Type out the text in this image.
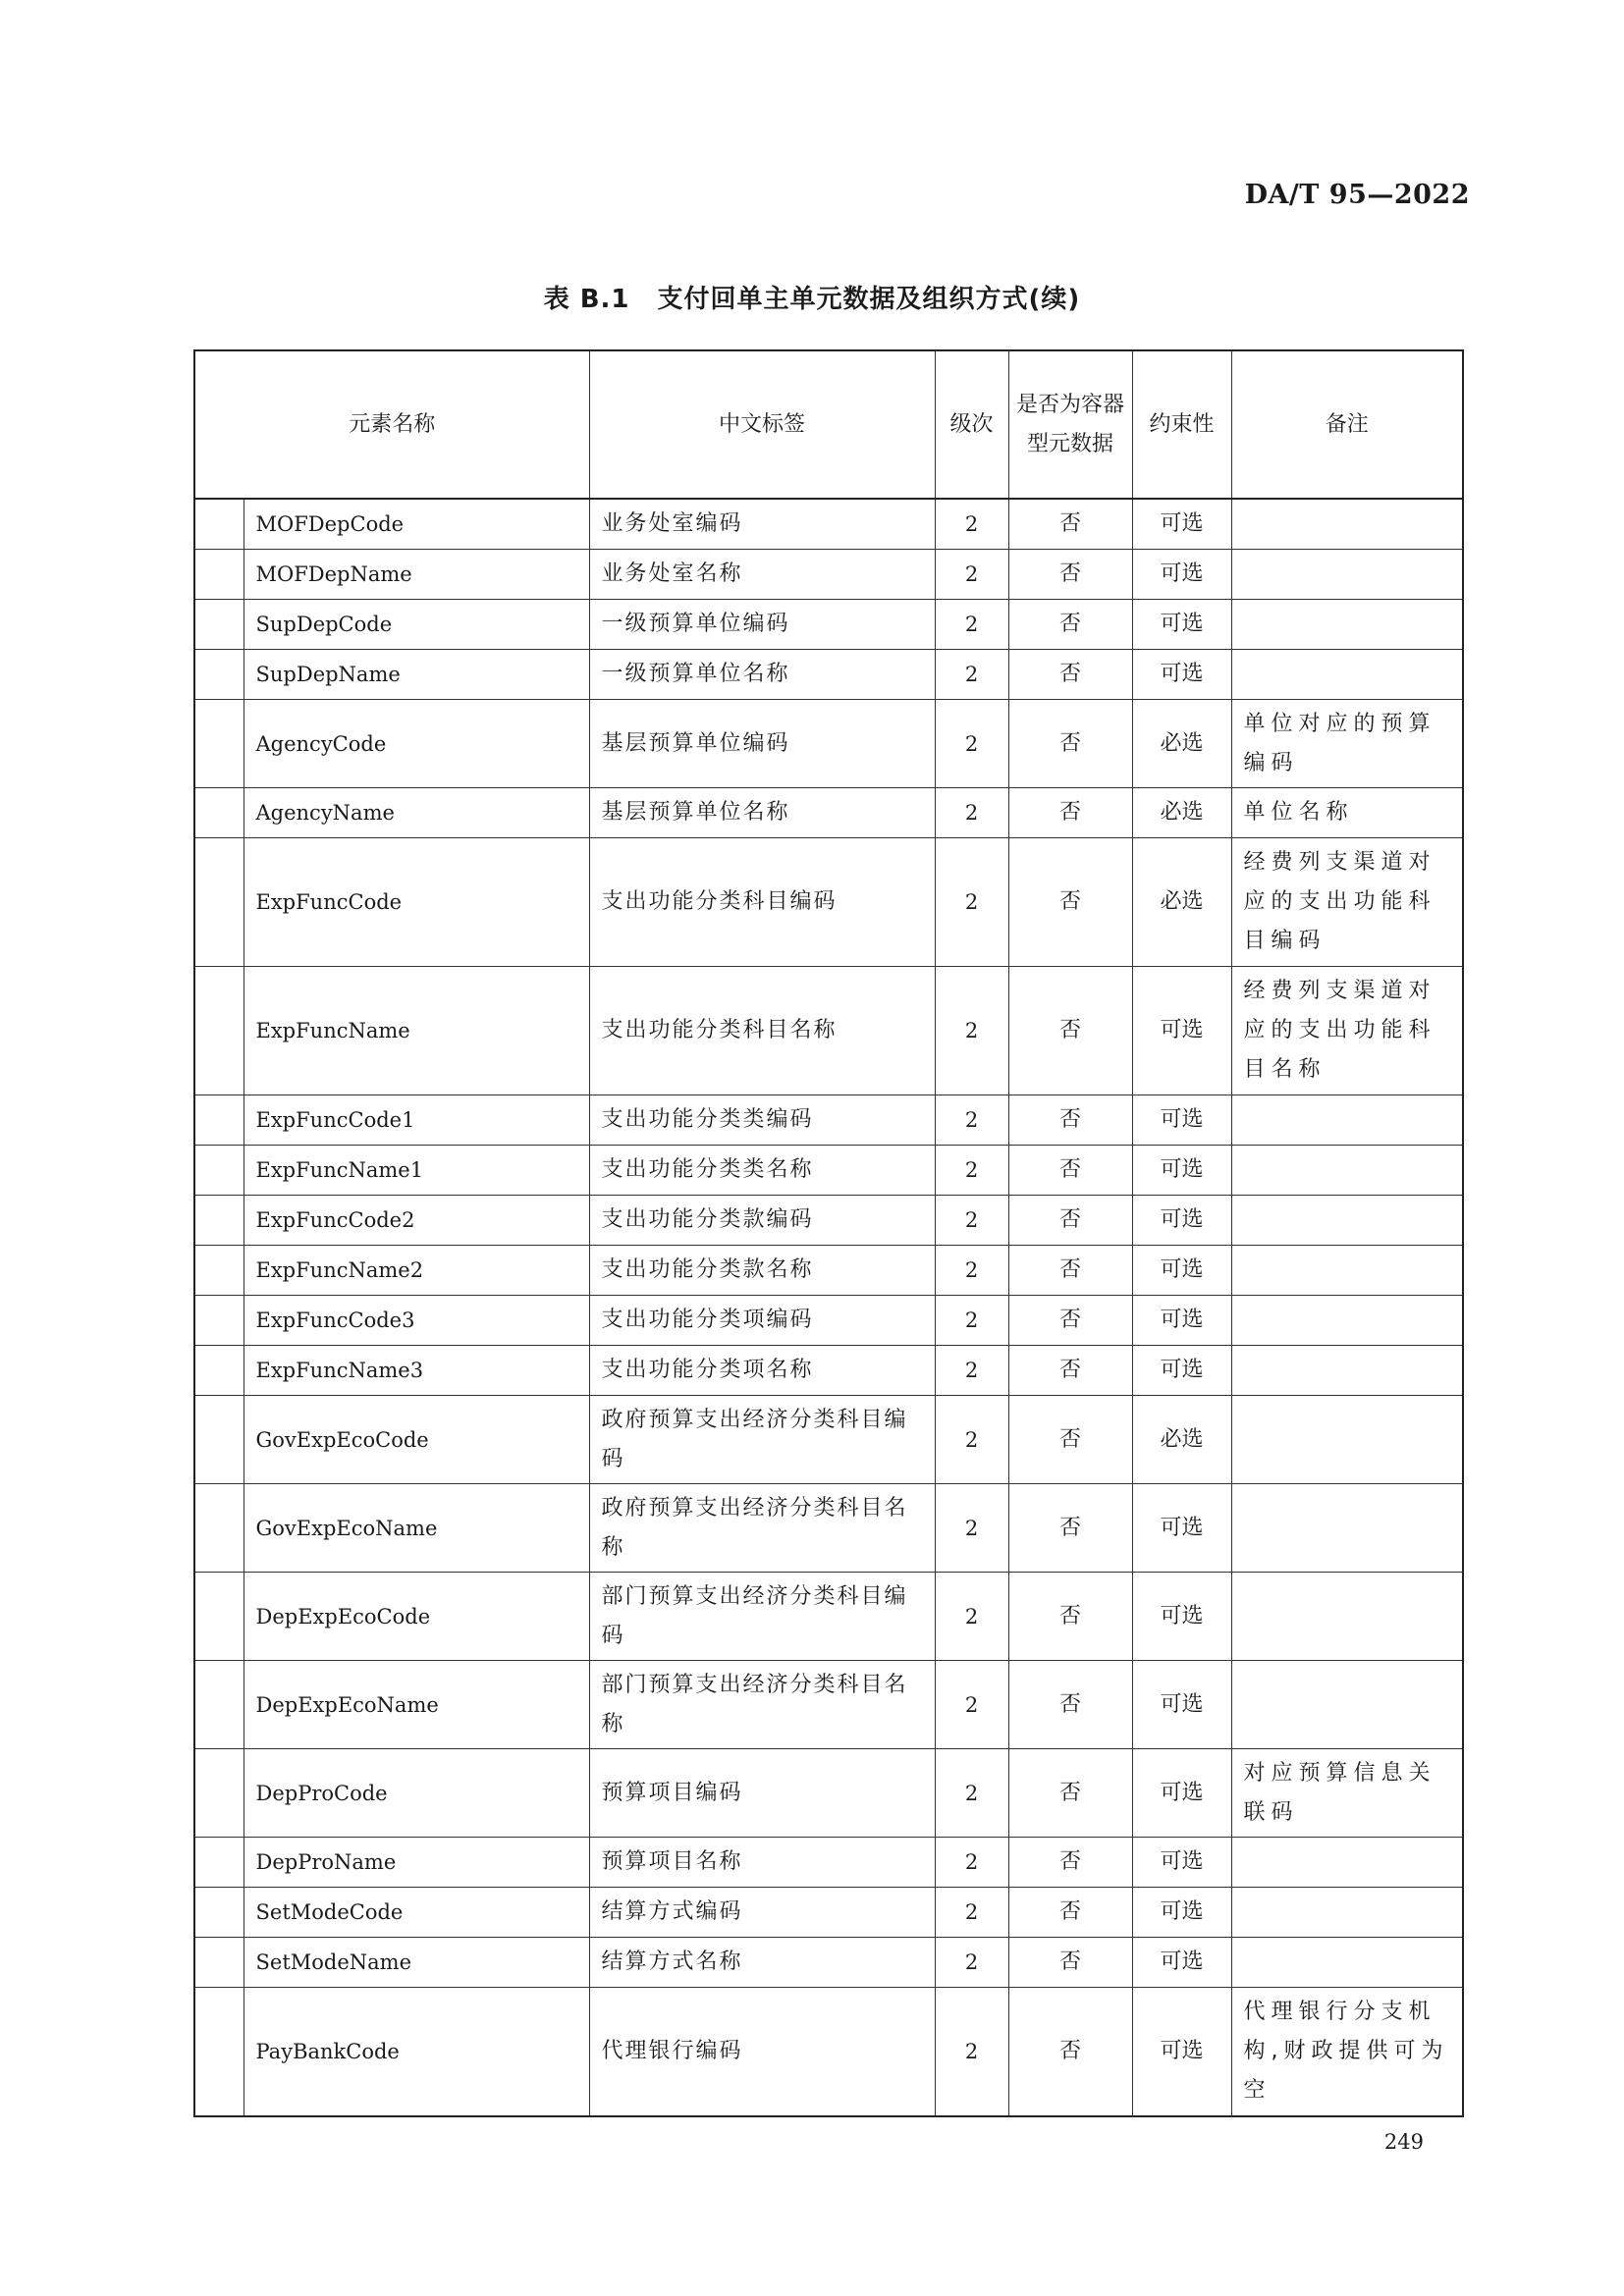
DA/T 95—2022
表 B.1 支付回单主单元数据及组织方式(续)
元素名称		中文标签	级次	是否为容器型元数据	约束性	备注
	MOFDepCode	业务处室编码	2	否	可选	
	MOFDepName	业务处室名称	2	否	可选	
	SupDepCode	一级预算单位编码	2	否	可选	
	SupDepName	一级预算单位名称	2	否	可选	
	AgencyCode	基层预算单位编码	2	否	必选	单位对应的预算编码
	AgencyName	基层预算单位名称	2	否	必选	单位名称
	ExpFuncCode	支出功能分类科目编码	2	否	必选	经费列支渠道对应的支出功能科目编码
	ExpFuncName	支出功能分类科目名称	2	否	可选	经费列支渠道对应的支出功能科目名称
	ExpFuncCode1	支出功能分类类编码	2	否	可选	
	ExpFuncName1	支出功能分类类名称	2	否	可选	
	ExpFuncCode2	支出功能分类款编码	2	否	可选	
	ExpFuncName2	支出功能分类款名称	2	否	可选	
	ExpFuncCode3	支出功能分类项编码	2	否	可选	
	ExpFuncName3	支出功能分类项名称	2	否	可选	
	GovExpEcoCode	政府预算支出经济分类科目编码	2	否	必选	
	GovExpEcoName	政府预算支出经济分类科目名称	2	否	可选	
	DepExpEcoCode	部门预算支出经济分类科目编码	2	否	可选	
	DepExpEcoName	部门预算支出经济分类科目名称	2	否	可选	
	DepProCode	预算项目编码	2	否	可选	对应预算信息关联码
	DepProName	预算项目名称	2	否	可选	
	SetModeCode	结算方式编码	2	否	可选	
	SetModeName	结算方式名称	2	否	可选	
	PayBankCode	代理银行编码	2	否	可选	代理银行分支机构,财政提供可为空
249
